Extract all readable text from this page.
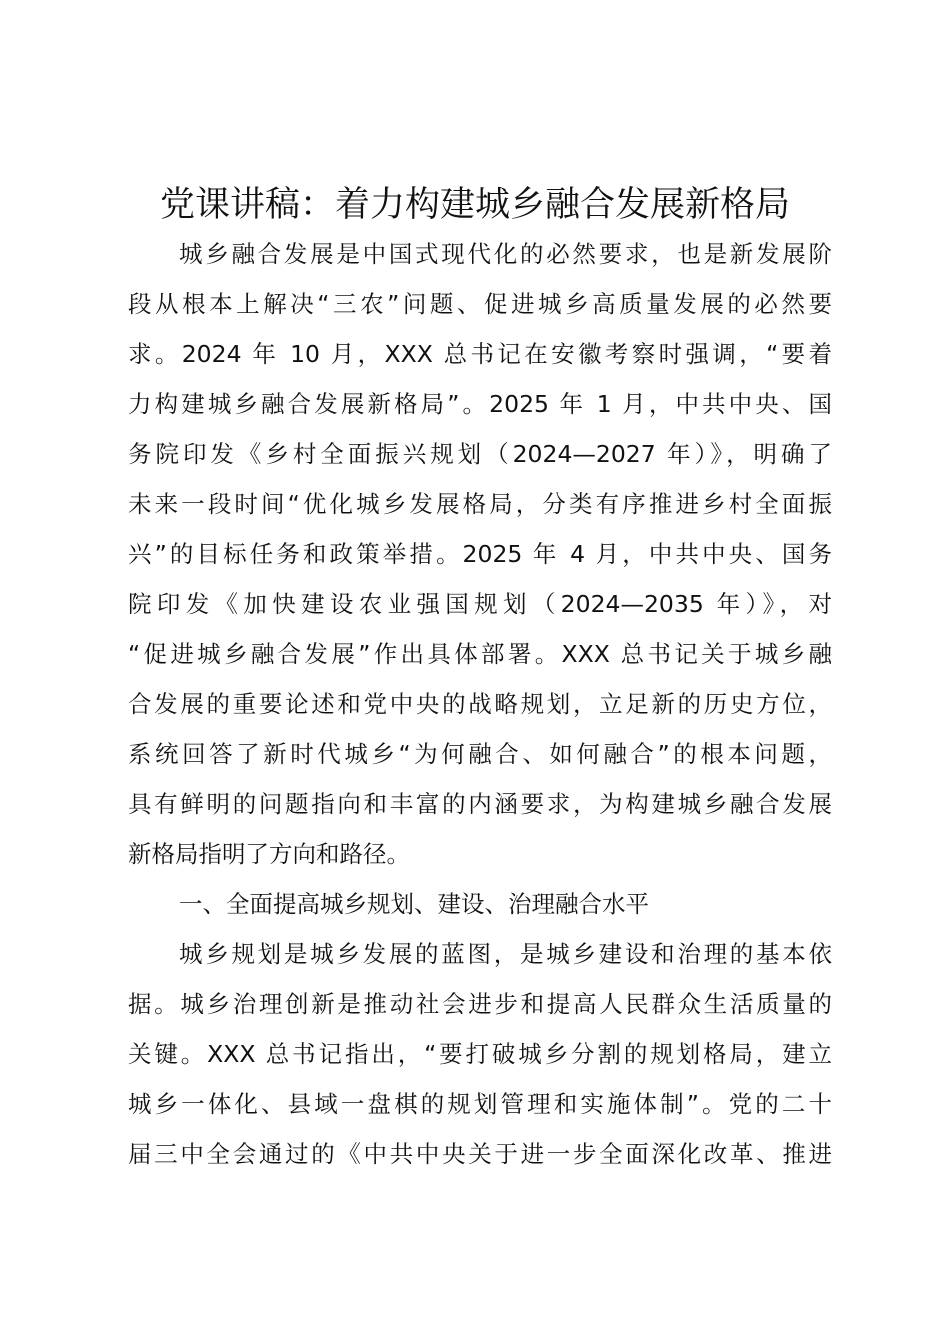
党课讲稿：着力构建城乡融合发展新格局
城乡融合发展是中国式现代化的必然要求，也是新发展阶
段从根本上解决“三农”问题、促进城乡高质量发展的必然要
求。2024 年 10 月，XXX 总书记在安徽考察时强调，“要着
力构建城乡融合发展新格局”。2025 年 1 月，中共中央、国
务院印发《乡村全面振兴规划（2024—2027 年）》，明确了
未来一段时间“优化城乡发展格局，分类有序推进乡村全面振
兴”的目标任务和政策举措。2025 年 4 月，中共中央、国务
院印发《加快建设农业强国规划（2024—2035 年）》，对
“促进城乡融合发展”作出具体部署。XXX 总书记关于城乡融
合发展的重要论述和党中央的战略规划，立足新的历史方位，
系统回答了新时代城乡“为何融合、如何融合”的根本问题，
具有鲜明的问题指向和丰富的内涵要求，为构建城乡融合发展
新格局指明了方向和路径。
一、全面提高城乡规划、建设、治理融合水平
城乡规划是城乡发展的蓝图，是城乡建设和治理的基本依
据。城乡治理创新是推动社会进步和提高人民群众生活质量的
关键。XXX 总书记指出，“要打破城乡分割的规划格局，建立
城乡一体化、县域一盘棋的规划管理和实施体制”。党的二十
届三中全会通过的《中共中央关于进一步全面深化改革、推进
